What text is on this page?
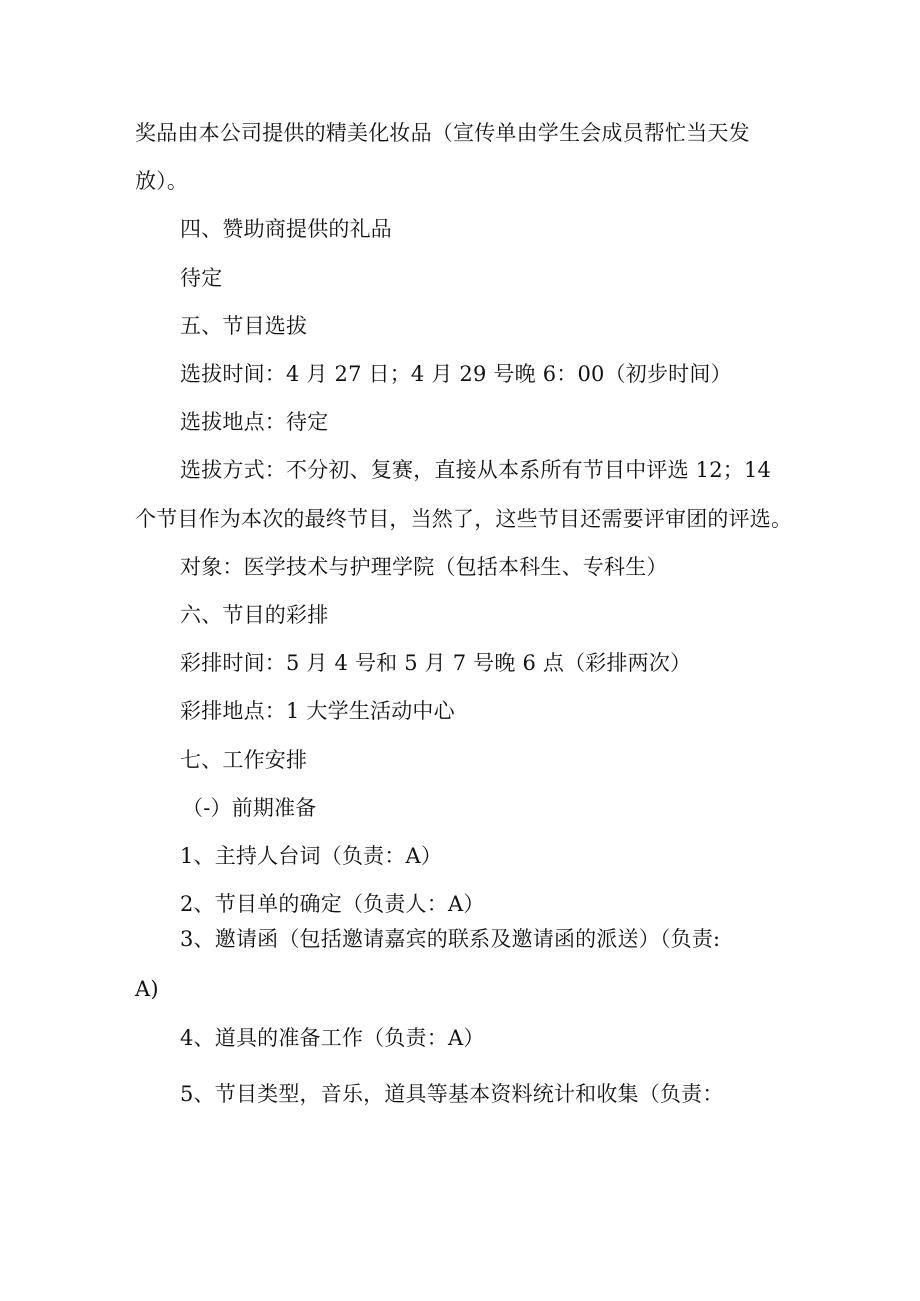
奖品由本公司提供的精美化妆品（宣传单由学生会成员帮忙当天发
放）。
四、赞助商提供的礼品
待定
五、节目选拔
选拔时间：4 月 27 日；4 月 29 号晚 6：00（初步时间）
选拔地点：待定
选拔方式：不分初、复赛，直接从本系所有节目中评选 12；14
个节目作为本次的最终节目，当然了，这些节目还需要评审团的评选。
对象：医学技术与护理学院（包括本科生、专科生）
六、节目的彩排
彩排时间：5 月 4 号和 5 月 7 号晚 6 点（彩排两次）
彩排地点：1 大学生活动中心
七、工作安排
（-）前期准备
1、主持人台词（负责：A）
2、节目单的确定（负责人：A）
3、邀请函（包括邀请嘉宾的联系及邀请函的派送）（负责:
A)
4、道具的准备工作（负责：A）
5、节目类型，音乐，道具等基本资料统计和收集（负责：
